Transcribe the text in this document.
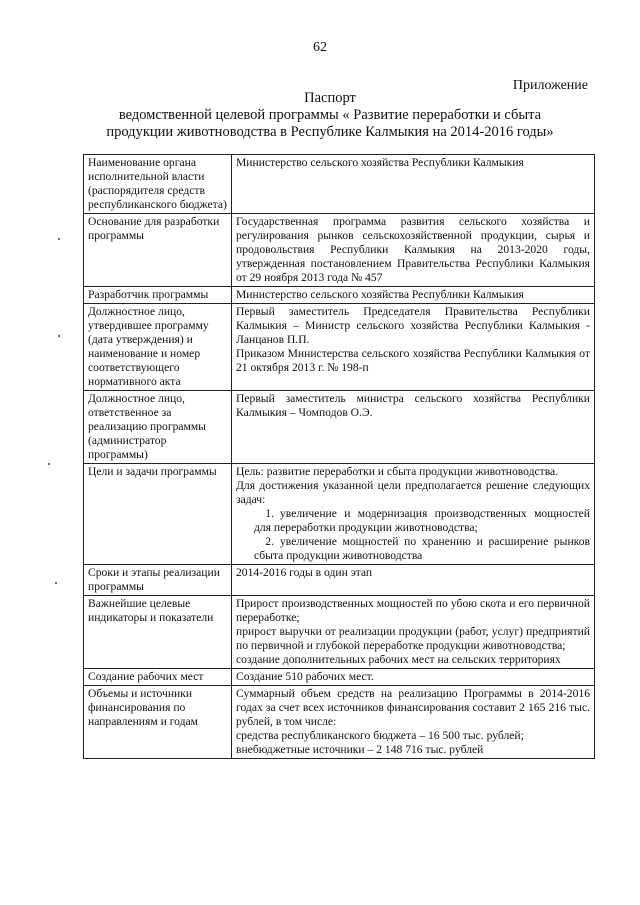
62
Приложение
Паспорт
ведомственной целевой программы « Развитие переработки и сбыта
продукции животноводства в Республике Калмыкия на 2014-2016 годы»
Наименование органа исполнительной власти (распорядителя средств республиканского бюджета)	Министерство сельского хозяйства Республики Калмыкия

Основание для разработки программы	Государственная программа развития сельского хозяйства и регулирования рынков сельскохозяйственной продукции, сырья и продовольствия Республики Калмыкия на 2013-2020 годы, утвержденная постановлением Правительства Республики Калмыкия от 29 ноября 2013 года № 457

Разработчик программы	Министерство сельского хозяйства Республики Калмыкия

Должностное лицо, утвердившее программу (дата утверждения) и наименование и номер соответствующего нормативного акта	Первый заместитель Председателя Правительства Республики Калмыкия – Министр сельского хозяйства Республики Калмыкия - Ланцанов П.П.
Приказом Министерства сельского хозяйства Республики Калмыкия от 21 октября 2013 г. № 198-п

Должностное лицо, ответственное за реализацию программы (администратор программы)	Первый заместитель министра сельского хозяйства Республики Калмыкия – Чомподов О.Э.

Цели и задачи программы	Цель: развитие переработки и сбыта продукции животноводства.
Для достижения указанной цели предполагается решение следующих задач:
1. увеличение и модернизация производственных мощностей для переработки продукции животноводства;
2. увеличение мощностей по хранению и расширение рынков сбыта продукции животноводства

Сроки и этапы реализации программы	2014-2016 годы в один этап

Важнейшие целевые индикаторы и показатели	Прирост производственных мощностей по убою скота и его первичной переработке;
прирост выручки от реализации продукции (работ, услуг) предприятий по первичной и глубокой переработке продукции животноводства;
создание дополнительных рабочих мест на сельских территориях

Создание рабочих мест	Создание 510 рабочих мест.

Объемы и источники финансирования по направлениям и годам	Суммарный объем средств на реализацию Программы в 2014-2016 годах за счет всех источников финансирования составит 2 165 216 тыс. рублей, в том числе:
средства республиканского бюджета – 16 500 тыс. рублей;
внебюджетные источники – 2 148 716 тыс. рублей
